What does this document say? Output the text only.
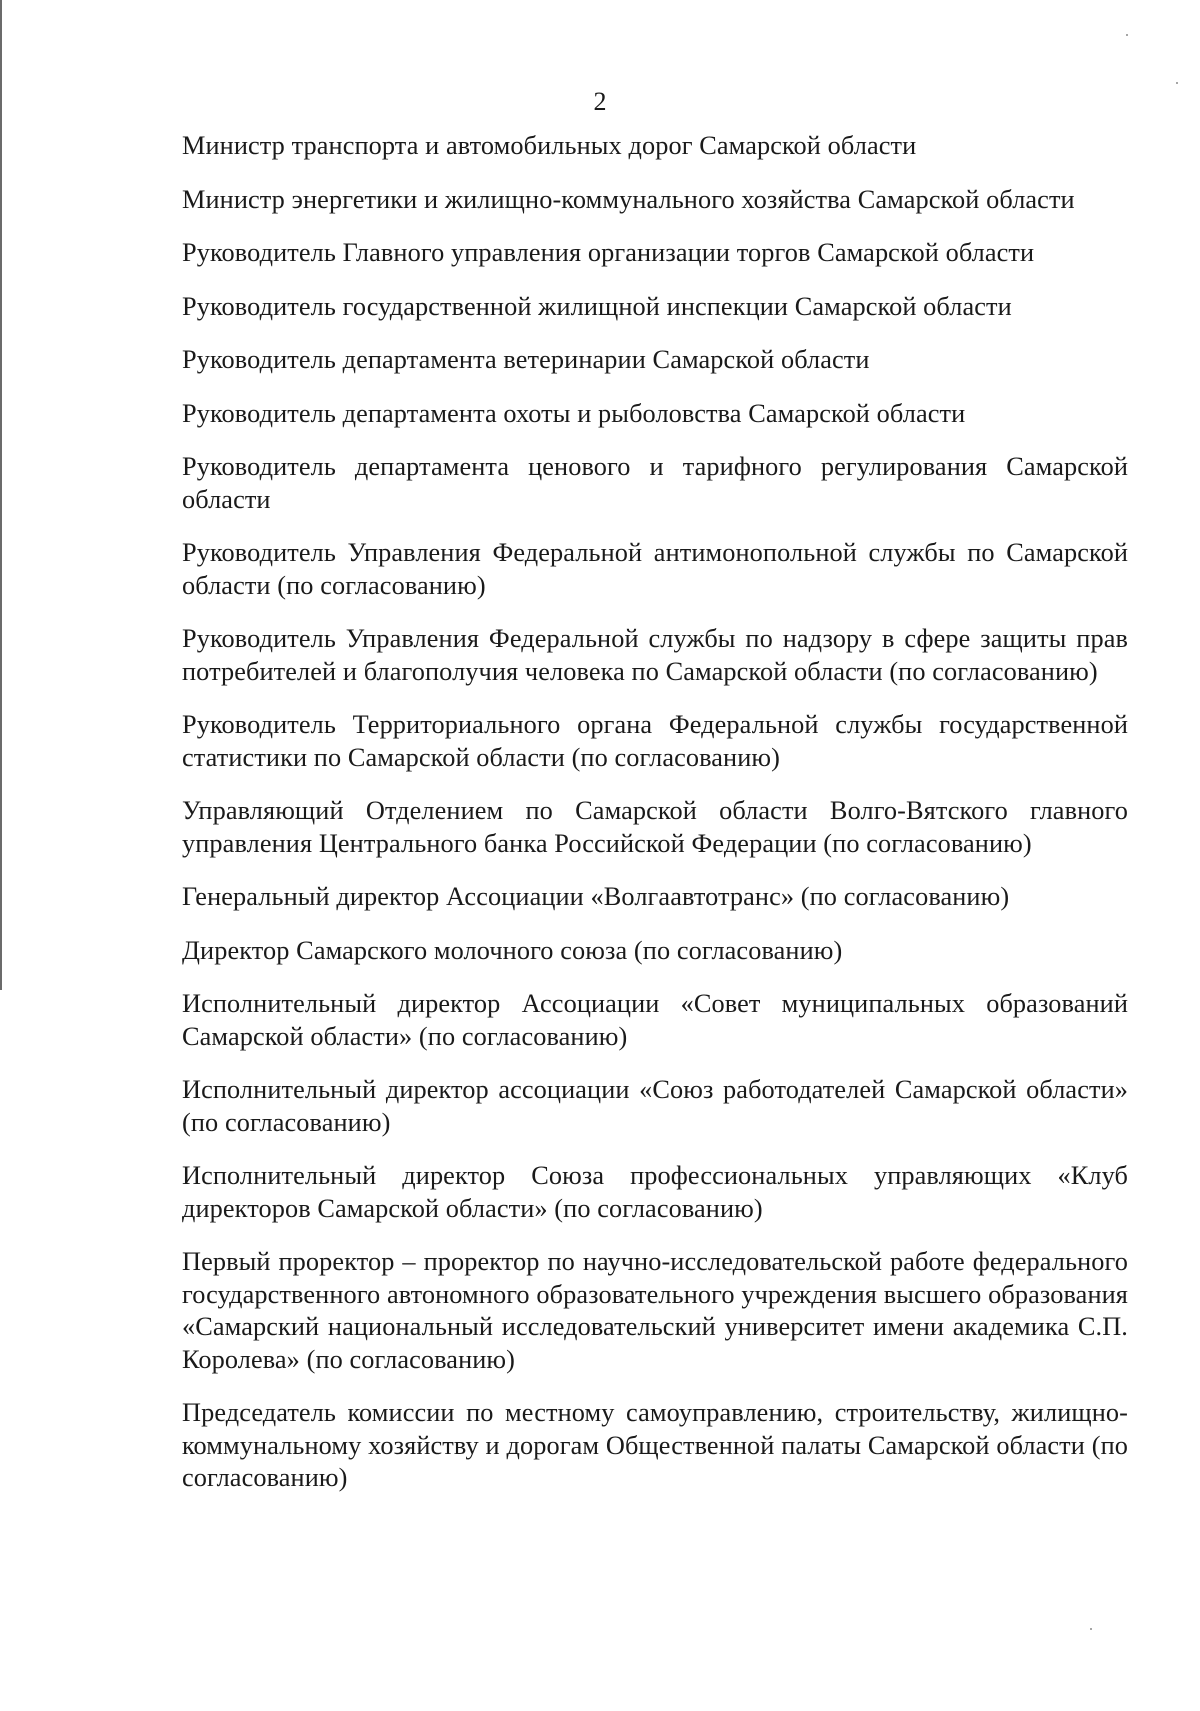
2
Министр транспорта и автомобильных дорог Самарской области
Министр энергетики и жилищно-коммунального хозяйства Самарской области
Руководитель Главного управления организации торгов Самарской области
Руководитель государственной жилищной инспекции Самарской области
Руководитель департамента ветеринарии Самарской области
Руководитель департамента охоты и рыболовства Самарской области
Руководитель департамента ценового и тарифного регулирования Самарской области
Руководитель Управления Федеральной антимонопольной службы по Самарской области (по согласованию)
Руководитель Управления Федеральной службы по надзору в сфере защиты прав потребителей и благополучия человека по Самарской области (по согласованию)
Руководитель Территориального органа Федеральной службы государственной статистики по Самарской области (по согласованию)
Управляющий Отделением по Самарской области Волго-Вятского главного управления Центрального банка Российской Федерации (по согласованию)
Генеральный директор Ассоциации «Волгаавтотранс» (по согласованию)
Директор Самарского молочного союза (по согласованию)
Исполнительный директор Ассоциации «Совет муниципальных образований Самарской области» (по согласованию)
Исполнительный директор ассоциации «Союз работодателей Самарской области» (по согласованию)
Исполнительный директор Союза профессиональных управляющих «Клуб директоров Самарской области» (по согласованию)
Первый проректор – проректор по научно-исследовательской работе федерального государственного автономного образовательного учреждения высшего образования «Самарский национальный исследовательский университет имени академика С.П. Королева» (по согласованию)
Председатель комиссии по местному самоуправлению, строительству, жилищно-коммунальному хозяйству и дорогам Общественной палаты Самарской области (по согласованию)
